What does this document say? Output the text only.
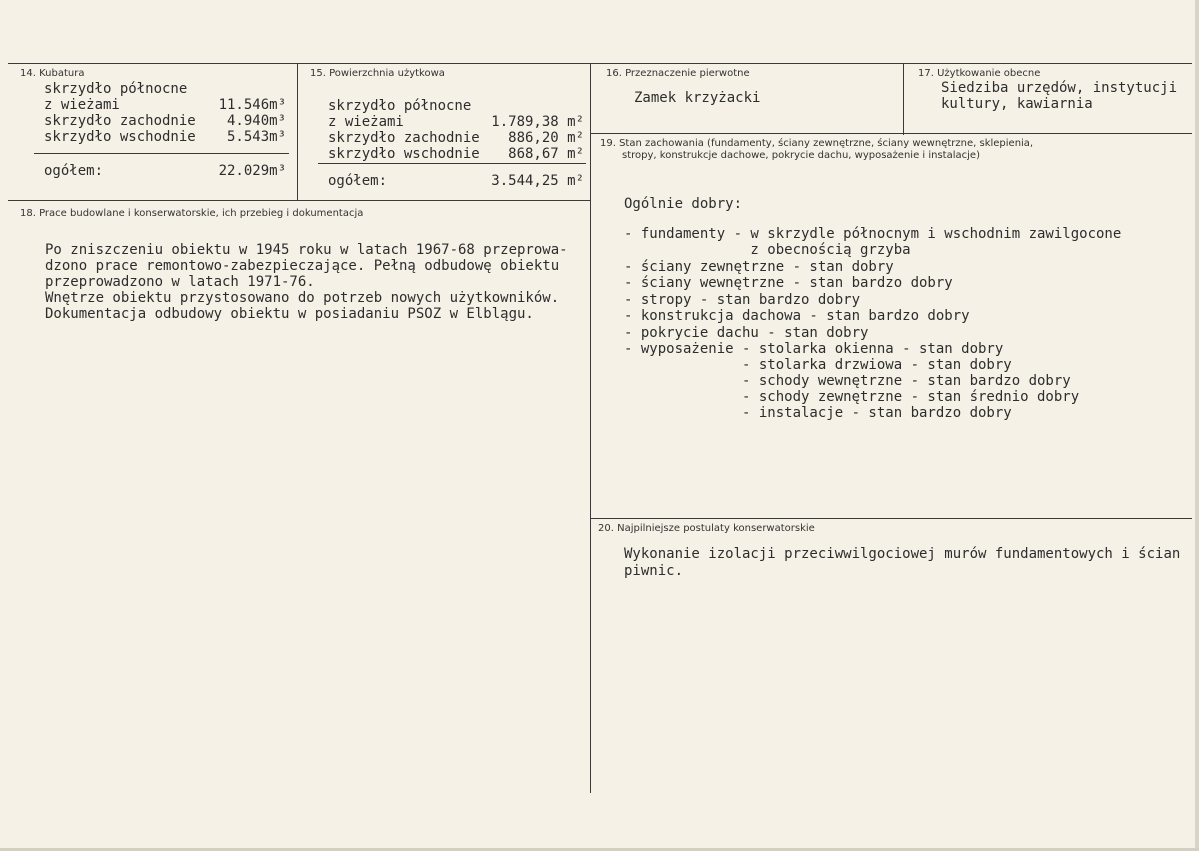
14. Kubatura
skrzydło północne
z wieżami	11.546m³
skrzydło zachodnie	4.940m³
skrzydło wschodnie	5.543m³
ogółem:	22.029m³
15. Powierzchnia użytkowa
skrzydło północne
z wieżami	1.789,38 m²
skrzydło zachodnie	886,20 m²
skrzydło wschodnie	868,67 m²
ogółem:	3.544,25 m²
16. Przeznaczenie pierwotne
Zamek krzyżacki
17. Użytkowanie obecne
Siedziba urzędów, instytucji
kultury, kawiarnia
18. Prace budowlane i konserwatorskie, ich przebieg i dokumentacja
Po zniszczeniu obiektu w 1945 roku w latach 1967-68 przeprowa-
dzono prace remontowo-zabezpieczające. Pełną odbudowę obiektu
przeprowadzono w latach 1971-76.
Wnętrze obiektu przystosowano do potrzeb nowych użytkowników.
Dokumentacja odbudowy obiektu w posiadaniu PSOZ w Elblągu.
19. Stan zachowania (fundamenty, ściany zewnętrzne, ściany wewnętrzne, sklepienia,
stropy, konstrukcje dachowe, pokrycie dachu, wyposażenie i instalacje)
Ogólnie dobry:
- fundamenty - w skrzydle północnym i wschodnim zawilgocone
z obecnością grzyba
- ściany zewnętrzne - stan dobry
- ściany wewnętrzne - stan bardzo dobry
- stropy - stan bardzo dobry
- konstrukcja dachowa - stan bardzo dobry
- pokrycie dachu - stan dobry
- wyposażenie - stolarka okienna - stan dobry
- stolarka drzwiowa - stan dobry
- schody wewnętrzne - stan bardzo dobry
- schody zewnętrzne - stan średnio dobry
- instalacje - stan bardzo dobry
20. Najpilniejsze postulaty konserwatorskie
Wykonanie izolacji przeciwwilgociowej murów fundamentowych i ścian
piwnic.
